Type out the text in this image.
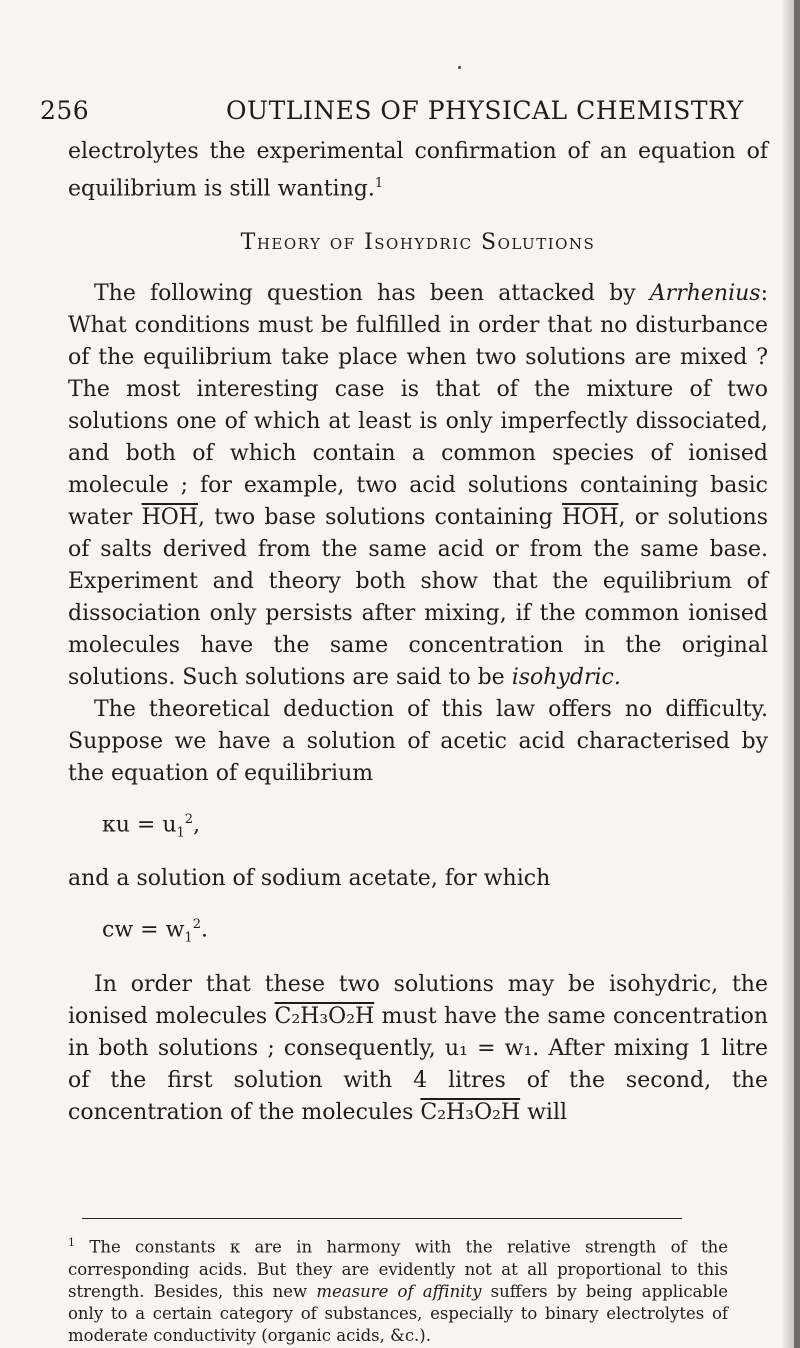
256	OUTLINES OF PHYSICAL CHEMISTRY

electrolytes the experimental confirmation of an equation of equilibrium is still wanting.$^1$

Theory of Isohydric Solutions

The following question has been attacked by Arrhenius: What conditions must be fulfilled in order that no disturbance of the equilibrium take place when two solutions are mixed ? The most interesting case is that of the mixture of two solutions one of which at least is only imperfectly dissociated, and both of which contain a common species of ionised molecule ; for example, two acid solutions containing basic water $\overline{HOH}$, two base solutions containing $\overline{HOH}$, or solutions of salts derived from the same acid or from the same base. Experiment and theory both show that the equilibrium of dissociation only persists after mixing, if the common ionised molecules have the same concentration in the original solutions. Such solutions are said to be isohydric.

The theoretical deduction of this law offers no difficulty. Suppose we have a solution of acetic acid characterised by the equation of equilibrium

$\kappa u = u_1^2$,

and a solution of sodium acetate, for which

cw = $w_1^2$.

In order that these two solutions may be isohydric, the ionised molecules C₂H₃O₂H must have the same concentration in both solutions ; consequently, u₁ = w₁. After mixing 1 litre of the first solution with 4 litres of the second, the concentration of the molecules C₂H₃O₂H will

$^1$ The constants κ are in harmony with the relative strength of the corresponding acids. But they are evidently not at all proportional to this strength. Besides, this new measure of affinity suffers by being applicable only to a certain category of substances, especially to binary electrolytes of moderate conductivity (organic acids, &c.).
